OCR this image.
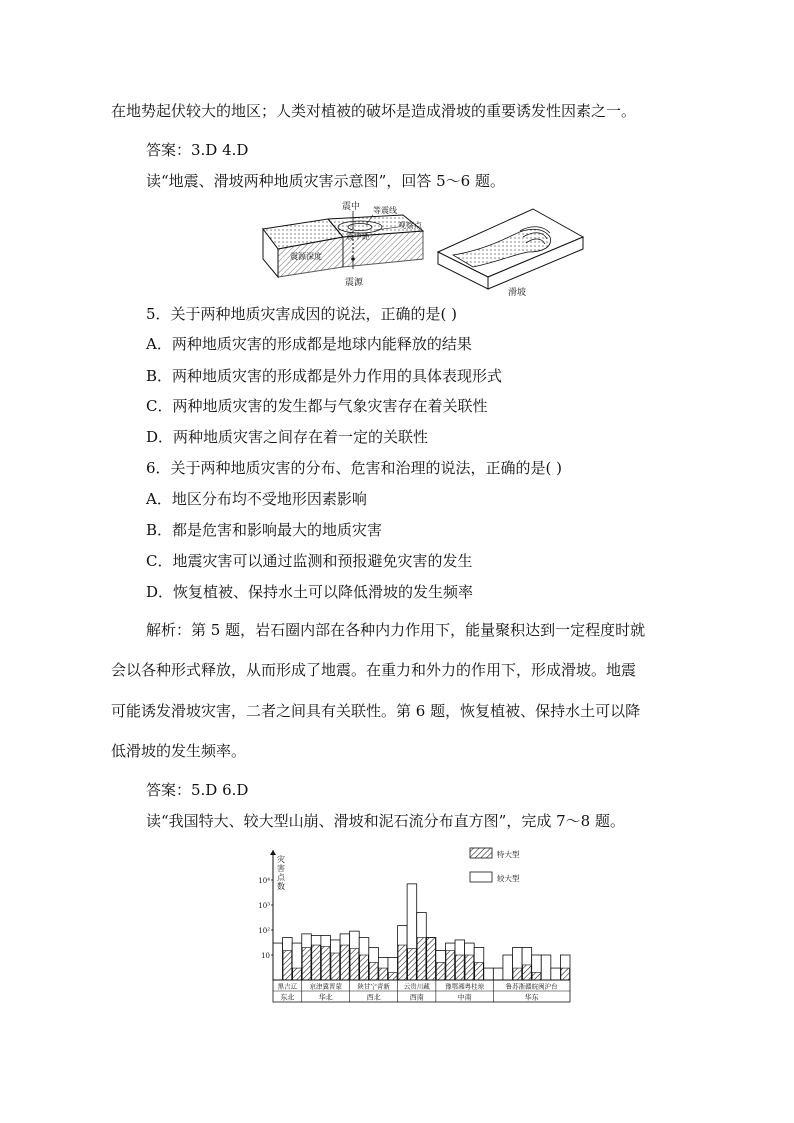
在地势起伏较大的地区；人类对植被的破坏是造成滑坡的重要诱发性因素之一。
答案：3.D 4.D
读“地震、滑坡两种地质灾害示意图”，回答 5～6 题。
震中 等震线
观察点
震中距
震源深度
震源
滑坡
5．关于两种地质灾害成因的说法，正确的是( )
A．两种地质灾害的形成都是地球内能释放的结果
B．两种地质灾害的形成都是外力作用的具体表现形式
C．两种地质灾害的发生都与气象灾害存在着关联性
D．两种地质灾害之间存在着一定的关联性
6．关于两种地质灾害的分布、危害和治理的说法，正确的是( )
A．地区分布均不受地形因素影响
B．都是危害和影响最大的地质灾害
C．地震灾害可以通过监测和预报避免灾害的发生
D．恢复植被、保持水土可以降低滑坡的发生频率
解析：第 5 题，岩石圈内部在各种内力作用下，能量聚积达到一定程度时就
会以各种形式释放，从而形成了地震。在重力和外力的作用下，形成滑坡。地震
可能诱发滑坡灾害，二者之间具有关联性。第 6 题，恢复植被、保持水土可以降
低滑坡的发生频率。
答案：5.D 6.D
读“我国特大、较大型山崩、滑坡和泥石流分布直方图”，完成 7～8 题。
灾
害
点
数
10
10²
10³
10⁴
特大型
较大型
黑吉辽
东北
京津冀晋蒙
华北
陕甘宁青新
西北
云贵川藏
西南
豫鄂湘粤桂琼
中南
鲁苏浙赣皖闽沪台
华东
